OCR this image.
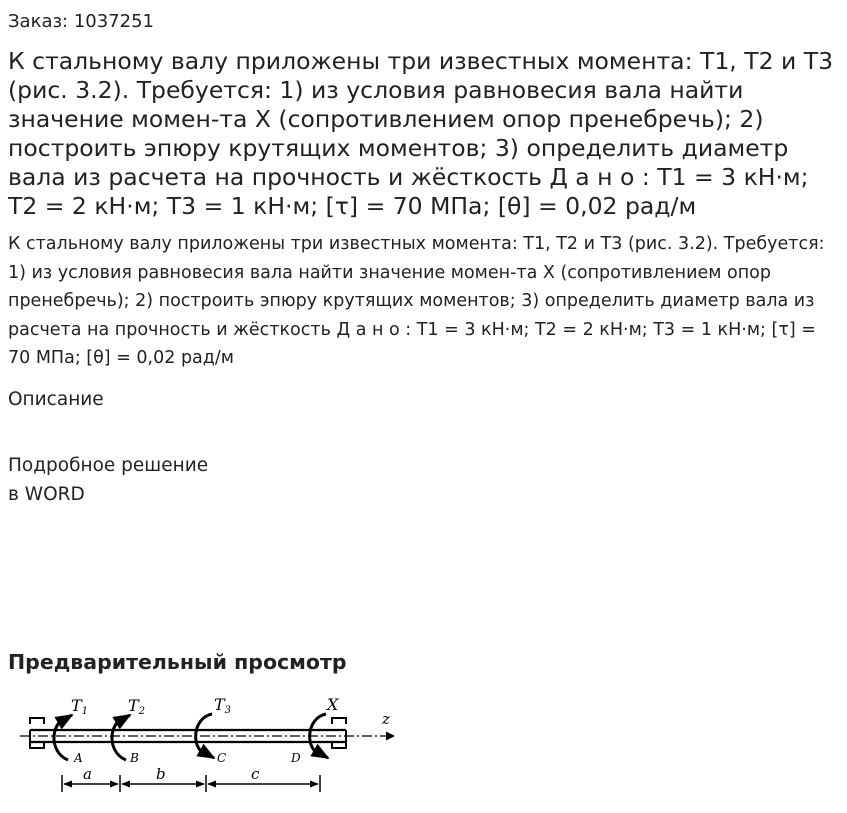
Заказ: 1037251
К стальному валу приложены три известных момента: Т1, Т2 и Т3 (рис. 3.2). Требуется: 1) из условия равновесия вала найти значение момен-та Х (сопротивлением опор пренебречь); 2) построить эпюру крутящих моментов; 3) определить диаметр вала из расчета на прочность и жёсткость Д а н о : Т1 = 3 кН·м; Т2 = 2 кН·м; Т3 = 1 кН·м; [τ] = 70 МПа; [θ] = 0,02 рад/м

К стальному валу приложены три известных момента: Т1, Т2 и Т3 (рис. 3.2). Требуется: 1) из условия равновесия вала найти значение момен-та Х (сопротивлением опор пренебречь); 2) построить эпюру крутящих моментов; 3) определить диаметр вала из расчета на прочность и жёсткость Д а н о : Т1 = 3 кН·м; Т2 = 2 кН·м; Т3 = 1 кН·м; [τ] = 70 МПа; [θ] = 0,02 рад/м

Описание
Подробное решение
в WORD
Предварительный просмотр
z
T1
A
T2
B
T3
C
X
D
a	b	c
